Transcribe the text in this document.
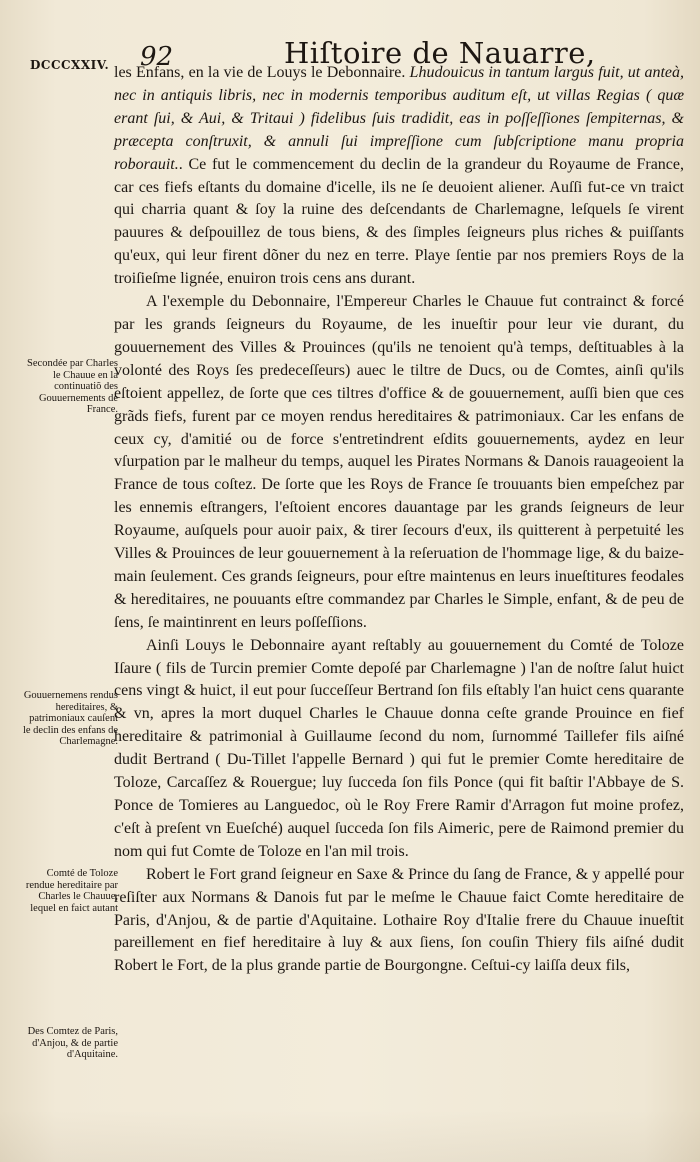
DCCCXXIV. 92	Hiſtoire de Nauarre,
Secondée par Charles le Chauue en la continuatiõ des Gouuernements de France.
Gouuernemens rendus hereditaires, & patrimoniaux cauſent le declin des enfans de Charlemagne.
Comté de Toloze rendue hereditaire par Charles le Chauue, lequel en faict autant
Des Comtez de Paris, d'Anjou, & de partie d'Aquitaine.

les Enfans, en la vie de Louys le Debonnaire. Lhudouicus in tantum largus fuit, ut anteà, nec in antiquis libris, nec in modernis temporibus auditum eſt, ut villas Regias ( quæ erant ſui, & Aui, & Tritaui ) fidelibus ſuis tradidit, eas in poſſeſſiones ſempiternas, & præcepta conſtruxit, & annuli ſui impreſſione cum ſubſcriptione manu propria roborauit.. Ce fut le commencement du declin de la grandeur du Royaume de France, car ces fiefs eſtants du domaine d'icelle, ils ne ſe deuoient aliener. Auſſi fut-ce vn traict qui charria quant & ſoy la ruine des deſcendants de Charlemagne, leſquels ſe virent pauures & deſpouillez de tous biens, & des ſimples ſeigneurs plus riches & puiſſants qu'eux, qui leur firent dõner du nez en terre. Playe ſentie par nos premiers Roys de la troiſieſme lignée, enuiron trois cens ans durant.

A l'exemple du Debonnaire, l'Empereur Charles le Chauue fut contrainct & forcé par les grands ſeigneurs du Royaume, de les inueſtir pour leur vie durant, du gouuernement des Villes & Prouinces (qu'ils ne tenoient qu'à temps, deſtituables à la volonté des Roys ſes predeceſſeurs) auec le tiltre de Ducs, ou de Comtes, ainſi qu'ils eſtoient appellez, de ſorte que ces tiltres d'office & de gouuernement, auſſi bien que ces grãds fiefs, furent par ce moyen rendus hereditaires & patrimoniaux. Car les enfans de ceux cy, d'amitié ou de force s'entretindrent eſdits gouuernements, aydez en leur vſurpation par le malheur du temps, auquel les Pirates Normans & Danois rauageoient la France de tous coſtez. De ſorte que les Roys de France ſe trouuants bien empeſchez par les ennemis eſtrangers, l'eſtoient encores dauantage par les grands ſeigneurs de leur Royaume, auſquels pour auoir paix, & tirer ſecours d'eux, ils quitterent à perpetuité les Villes & Prouinces de leur gouuernement à la reſeruation de l'hommage lige, & du baize-main ſeulement. Ces grands ſeigneurs, pour eſtre maintenus en leurs inueſtitures feodales & hereditaires, ne pouuants eſtre commandez par Charles le Simple, enfant, & de peu de ſens, ſe maintinrent en leurs poſſeſſions.

Ainſi Louys le Debonnaire ayant reſtably au gouuernement du Comté de Toloze Iſaure ( fils de Turcin premier Comte depoſé par Charlemagne ) l'an de noſtre ſalut huict cens vingt & huict, il eut pour ſucceſſeur Bertrand ſon fils eſtably l'an huict cens quarante & vn, apres la mort duquel Charles le Chauue donna ceſte grande Prouince en fief hereditaire & patrimonial à Guillaume ſecond du nom, ſurnommé Taillefer fils aiſné dudit Bertrand ( Du-Tillet l'appelle Bernard ) qui fut le premier Comte hereditaire de Toloze, Carcaſſez & Rouergue; luy ſucceda ſon fils Ponce (qui fit baſtir l'Abbaye de S. Ponce de Tomieres au Languedoc, où le Roy Frere Ramir d'Arragon fut moine profez, c'eſt à preſent vn Eueſché) auquel ſucceda ſon fils Aimeric, pere de Raimond premier du nom qui fut Comte de Toloze en l'an mil trois.

Robert le Fort grand ſeigneur en Saxe & Prince du ſang de France, & y appellé pour reſiſter aux Normans & Danois fut par le meſme le Chauue faict Comte hereditaire de Paris, d'Anjou, & de partie d'Aquitaine. Lothaire Roy d'Italie frere du Chauue inueſtit pareillement en fief hereditaire à luy & aux ſiens, ſon couſin Thiery fils aiſné dudit Robert le Fort, de la plus grande partie de Bourgongne. Ceſtui-cy laiſſa deux fils,
